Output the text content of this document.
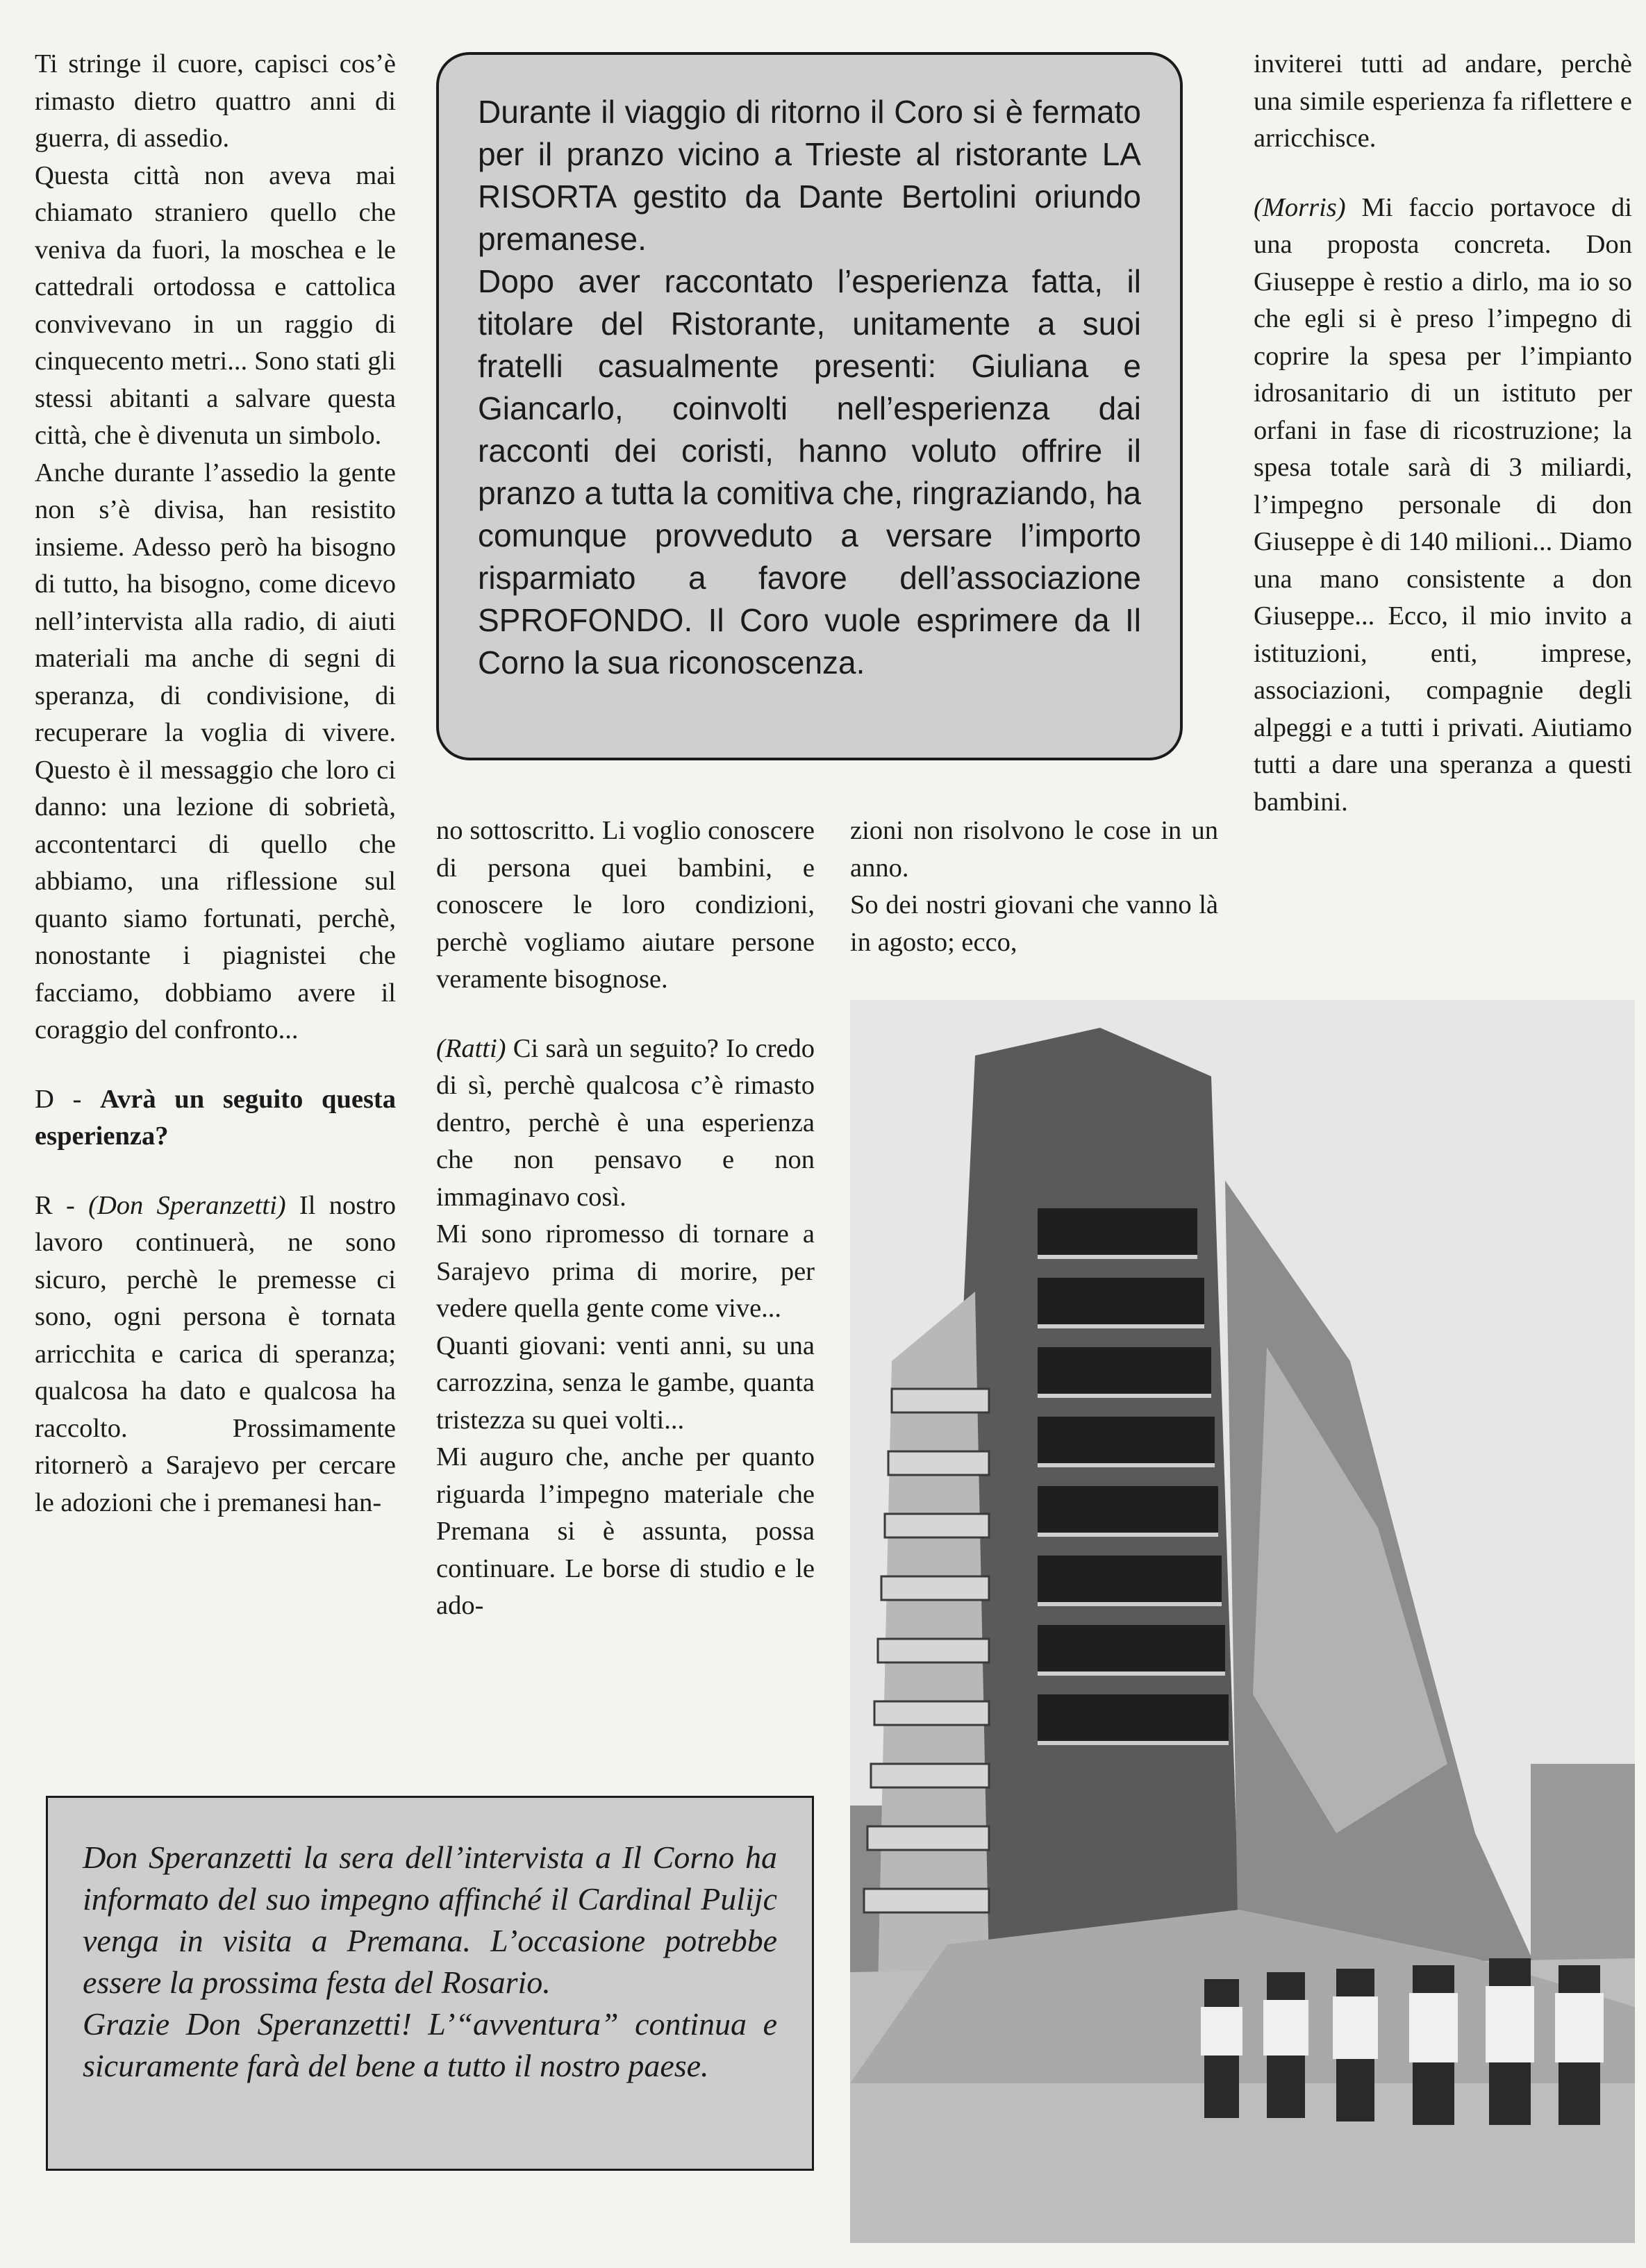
Ti stringe il cuore, capisci cos’è rimasto dietro quattro anni di guerra, di assedio.

Questa città non aveva mai chiamato straniero quello che veniva da fuori, la moschea e le cattedrali ortodossa e cattolica convivevano in un raggio di cinquecento metri... Sono stati gli stessi abitanti a salvare questa città, che è divenuta un simbolo.

Anche durante l’assedio la gente non s’è divisa, han resistito insieme. Adesso però ha bisogno di tutto, ha bisogno, come dicevo nell’intervista alla radio, di aiuti materiali ma anche di segni di speranza, di condivisione, di recuperare la voglia di vivere. Questo è il messaggio che loro ci danno: una lezione di sobrietà, accontentarci di quello che abbiamo, una riflessione sul quanto siamo fortunati, perchè, nonostante i piagnistei che facciamo, dobbiamo avere il coraggio del confronto...

D - Avrà un seguito questa esperienza?

R - (Don Speranzetti) Il nostro lavoro continuerà, ne sono sicuro, perchè le premesse ci sono, ogni persona è tornata arricchita e carica di speranza; qualcosa ha dato e qualcosa ha raccolto. Prossimamente ritornerò a Sarajevo per cercare le adozioni che i premanesi han-

Durante il viaggio di ritorno il Coro si è fermato per il pranzo vicino a Trieste al ristorante LA RISORTA gestito da Dante Bertolini oriundo premanese.

Dopo aver raccontato l’esperienza fatta, il titolare del Ristorante, unitamente a suoi fratelli casualmente presenti: Giuliana e Giancarlo, coinvolti nell’esperienza dai racconti dei coristi, hanno voluto offrire il pranzo a tutta la comitiva che, ringraziando, ha comunque provveduto a versare l’importo risparmiato a favore dell’associazione SPROFONDO. Il Coro vuole esprimere da Il Corno la sua riconoscenza.

no sottoscritto. Li voglio conoscere di persona quei bambini, e conoscere le loro condizioni, perchè vogliamo aiutare persone veramente bisognose.

(Ratti) Ci sarà un seguito? Io credo di sì, perchè qualcosa c’è rimasto dentro, perchè è una esperienza che non pensavo e non immaginavo così.

Mi sono ripromesso di tornare a Sarajevo prima di morire, per vedere quella gente come vive...

Quanti giovani: venti anni, su una carrozzina, senza le gambe, quanta tristezza su quei volti...

Mi auguro che, anche per quanto riguarda l’impegno materiale che Premana si è assunta, possa continuare. Le borse di studio e le ado-

zioni non risolvono le cose in un anno.

So dei nostri giovani che vanno là in agosto; ecco,

inviterei tutti ad andare, perchè una simile esperienza fa riflettere e arricchisce.

(Morris) Mi faccio portavoce di una proposta concreta. Don Giuseppe è restio a dirlo, ma io so che egli si è preso l’impegno di coprire la spesa per l’impianto idrosanitario di un istituto per orfani in fase di ricostruzione; la spesa totale sarà di 3 miliardi, l’impegno personale di don Giuseppe è di 140 milioni... Diamo una mano consistente a don Giuseppe... Ecco, il mio invito a istituzioni, enti, imprese, associazioni, compagnie degli alpeggi e a tutti i privati. Aiutiamo tutti a dare una speranza a questi bambini.

Don Speranzetti la sera dell’intervista a Il Corno ha informato del suo impegno affinché il Cardinal Pulijc venga in visita a Premana. L’occasione potrebbe essere la prossima festa del Rosario.

Grazie Don Speranzetti! L’“avventura” continua e sicuramente farà del bene a tutto il nostro paese.
